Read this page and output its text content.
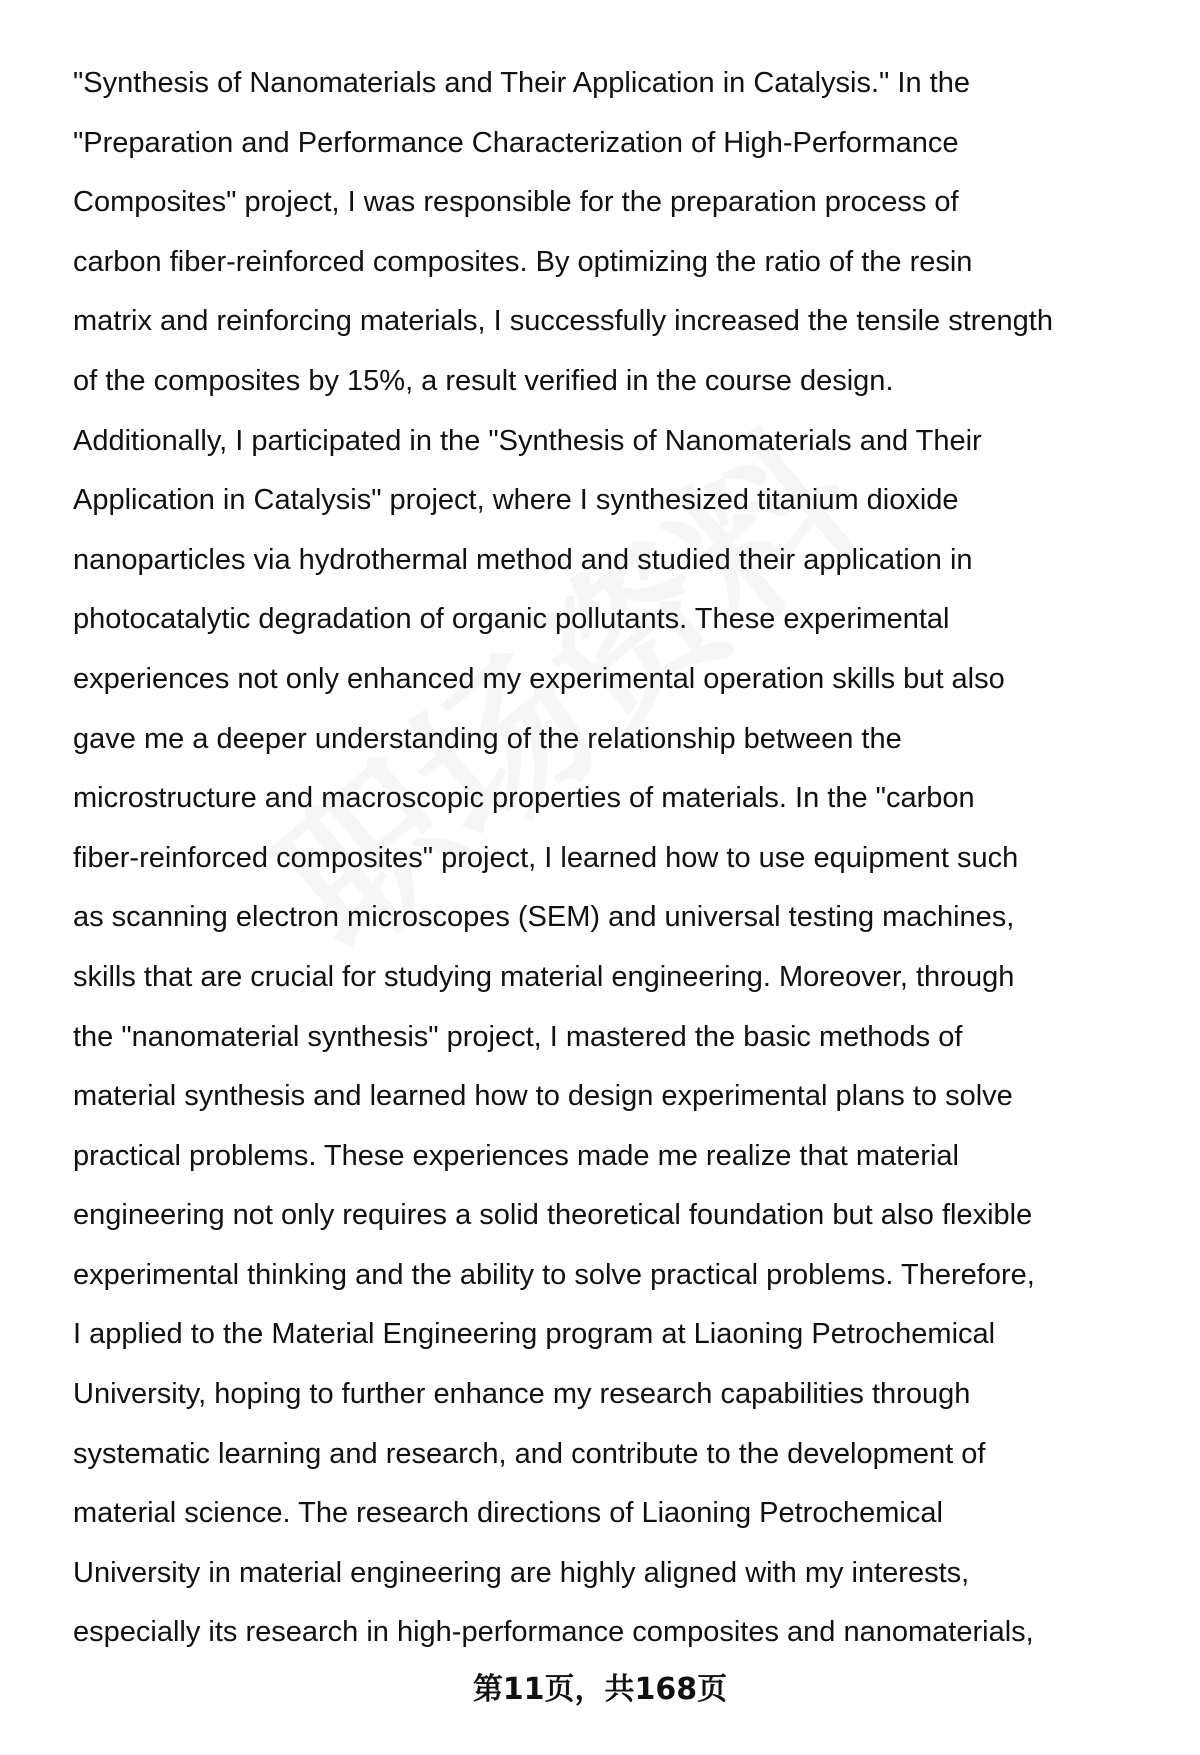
"Synthesis of Nanomaterials and Their Application in Catalysis." In the
"Preparation and Performance Characterization of High-Performance
Composites" project, I was responsible for the preparation process of
carbon fiber-reinforced composites. By optimizing the ratio of the resin
matrix and reinforcing materials, I successfully increased the tensile strength
of the composites by 15%, a result verified in the course design.
Additionally, I participated in the "Synthesis of Nanomaterials and Their
Application in Catalysis" project, where I synthesized titanium dioxide
nanoparticles via hydrothermal method and studied their application in
photocatalytic degradation of organic pollutants. These experimental
experiences not only enhanced my experimental operation skills but also
gave me a deeper understanding of the relationship between the
microstructure and macroscopic properties of materials. In the "carbon
fiber-reinforced composites" project, I learned how to use equipment such
as scanning electron microscopes (SEM) and universal testing machines,
skills that are crucial for studying material engineering. Moreover, through
the "nanomaterial synthesis" project, I mastered the basic methods of
material synthesis and learned how to design experimental plans to solve
practical problems. These experiences made me realize that material
engineering not only requires a solid theoretical foundation but also flexible
experimental thinking and the ability to solve practical problems. Therefore,
I applied to the Material Engineering program at Liaoning Petrochemical
University, hoping to further enhance my research capabilities through
systematic learning and research, and contribute to the development of
material science. The research directions of Liaoning Petrochemical
University in material engineering are highly aligned with my interests,
especially its research in high-performance composites and nanomaterials,
第11页，共168页
